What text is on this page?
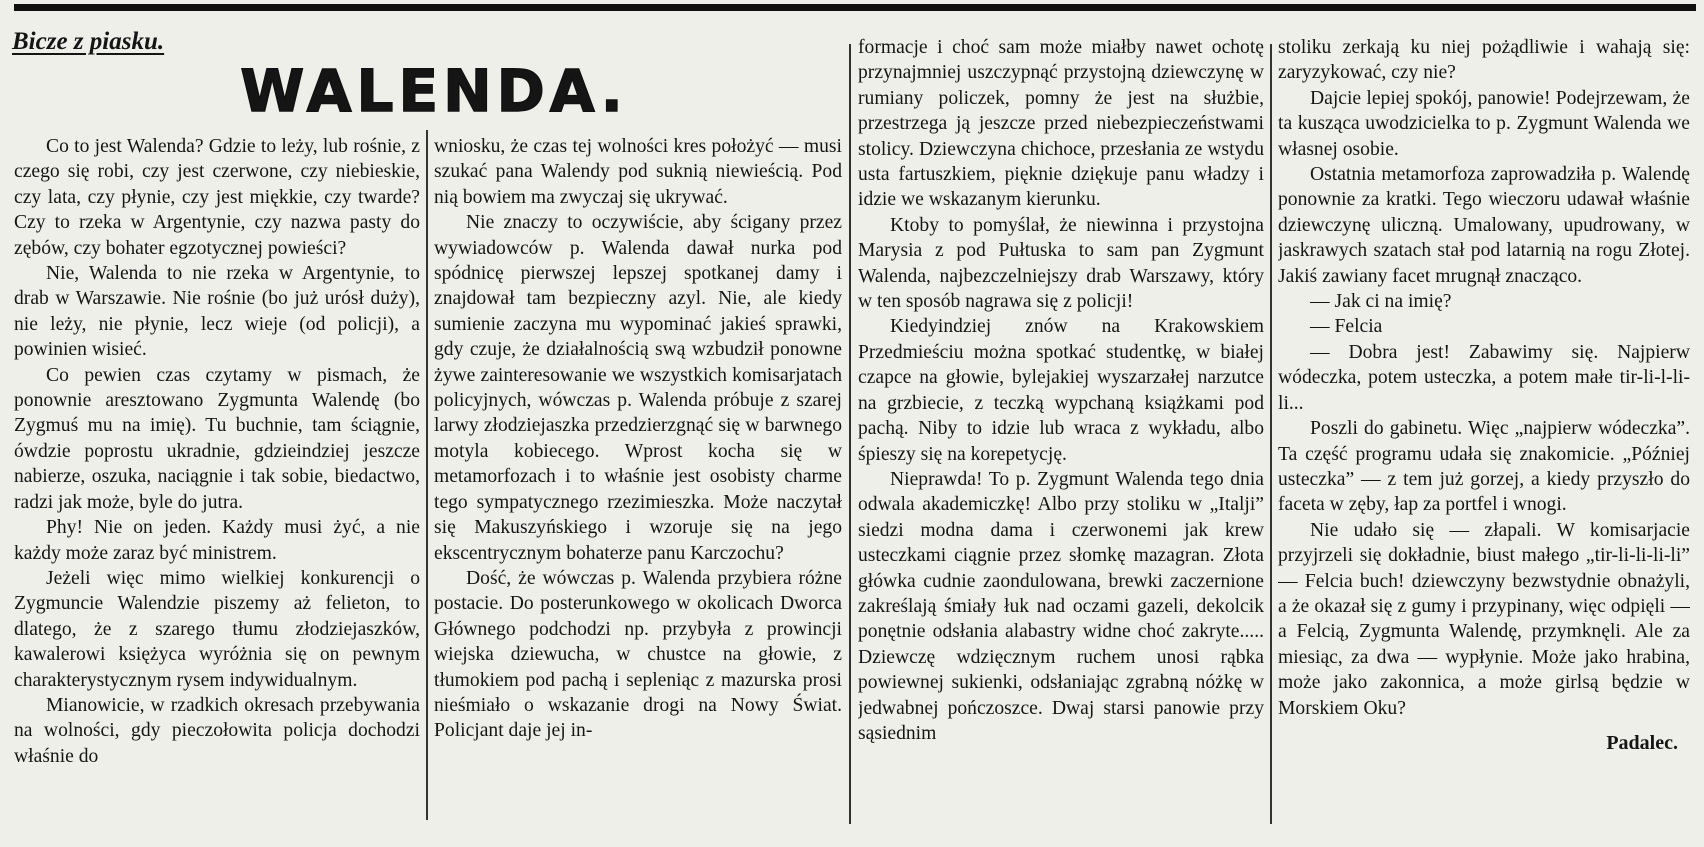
Bicze z piasku.
WALENDA.

Co to jest Walenda? Gdzie to leży, lub rośnie, z czego się robi, czy jest czerwone, czy niebieskie, czy lata, czy płynie, czy jest miękkie, czy twarde? Czy to rzeka w Argentynie, czy nazwa pasty do zębów, czy bohater egzotycznej powieści?

Nie, Walenda to nie rzeka w Argentynie, to drab w Warszawie. Nie rośnie (bo już urósł duży), nie leży, nie płynie, lecz wieje (od policji), a powinien wisieć.

Co pewien czas czytamy w pismach, że ponownie aresztowano Zygmunta Walendę (bo Zygmuś mu na imię). Tu buchnie, tam ściągnie, ówdzie poprostu ukradnie, gdzieindziej jeszcze nabierze, oszuka, naciągnie i tak sobie, biedactwo, radzi jak może, byle do jutra.

Phy! Nie on jeden. Każdy musi żyć, a nie każdy może zaraz być ministrem.

Jeżeli więc mimo wielkiej konkurencji o Zygmuncie Walendzie piszemy aż felieton, to dlatego, że z szarego tłumu złodziejaszków, kawalerowi księżyca wyróżnia się on pewnym charakterystycznym rysem indywidualnym.

Mianowicie, w rzadkich okresach przebywania na wolności, gdy pieczołowita policja dochodzi właśnie do

wniosku, że czas tej wolności kres położyć — musi szukać pana Walendy pod suknią niewieścią. Pod nią bowiem ma zwyczaj się ukrywać.

Nie znaczy to oczywiście, aby ścigany przez wywiadowców p. Walenda dawał nurka pod spódnicę pierwszej lepszej spotkanej damy i znajdował tam bezpieczny azyl. Nie, ale kiedy sumienie zaczyna mu wypominać jakieś sprawki, gdy czuje, że działalnością swą wzbudził ponowne żywe zainteresowanie we wszystkich komisarjatach policyjnych, wówczas p. Walenda próbuje z szarej larwy złodziejaszka przedzierzgnąć się w barwnego motyla kobiecego. Wprost kocha się w metamorfozach i to właśnie jest osobisty charme tego sympatycznego rzezimieszka. Może naczytał się Makuszyńskiego i wzoruje się na jego ekscentrycznym bohaterze panu Karczochu?

Dość, że wówczas p. Walenda przybiera różne postacie. Do posterunkowego w okolicach Dworca Głównego podchodzi np. przybyła z prowincji wiejska dziewucha, w chustce na głowie, z tłumokiem pod pachą i sepleniąc z mazurska prosi nieśmiało o wskazanie drogi na Nowy Świat. Policjant daje jej in-

formacje i choć sam może miałby nawet ochotę przynajmniej uszczypnąć przystojną dziewczynę w rumiany policzek, pomny że jest na służbie, przestrzega ją jeszcze przed niebezpieczeństwami stolicy. Dziewczyna chichoce, przesłania ze wstydu usta fartuszkiem, pięknie dziękuje panu władzy i idzie we wskazanym kierunku.

Ktoby to pomyślał, że niewinna i przystojna Marysia z pod Pułtuska to sam pan Zygmunt Walenda, najbezczelniejszy drab Warszawy, który w ten sposób nagrawa się z policji!

Kiedyindziej znów na Krakowskiem Przedmieściu można spotkać studentkę, w białej czapce na głowie, bylejakiej wyszarzałej narzutce na grzbiecie, z teczką wypchaną książkami pod pachą. Niby to idzie lub wraca z wykładu, albo śpieszy się na korepetycję.

Nieprawda! To p. Zygmunt Walenda tego dnia odwala akademiczkę! Albo przy stoliku w „Italji” siedzi modna dama i czerwonemi jak krew usteczkami ciągnie przez słomkę mazagran. Złota główka cudnie zaondulowana, brewki zaczernione zakreślają śmiały łuk nad oczami gazeli, dekolcik ponętnie odsłania alabastry widne choć zakryte..... Dziewczę wdzięcznym ruchem unosi rąbka powiewnej sukienki, odsłaniając zgrabną nóżkę w jedwabnej pończoszce. Dwaj starsi panowie przy sąsiednim

stoliku zerkają ku niej pożądliwie i wahają się: zaryzykować, czy nie?

Dajcie lepiej spokój, panowie! Podejrzewam, że ta kusząca uwodzicielka to p. Zygmunt Walenda we własnej osobie.

Ostatnia metamorfoza zaprowadziła p. Walendę ponownie za kratki. Tego wieczoru udawał właśnie dziewczynę uliczną. Umalowany, upudrowany, w jaskrawych szatach stał pod latarnią na rogu Złotej. Jakiś zawiany facet mrugnął znacząco.

— Jak ci na imię?

— Felcia

— Dobra jest! Zabawimy się. Najpierw wódeczka, potem usteczka, a potem małe tir-li-l-li-li...

Poszli do gabinetu. Więc „najpierw wódeczka”. Ta część programu udała się znakomicie. „Później usteczka” — z tem już gorzej, a kiedy przyszło do faceta w zęby, łap za portfel i wnogi.

Nie udało się — złapali. W komisarjacie przyjrzeli się dokładnie, biust małego „tir-li-li-li-li” — Felcia buch! dziewczyny bezwstydnie obnażyli, a że okazał się z gumy i przypinany, więc odpięli — a Felcią, Zygmunta Walendę, przymknęli. Ale za miesiąc, za dwa — wypłynie. Może jako hrabina, może jako zakonnica, a może girlsą będzie w Morskiem Oku?

Padalec.
